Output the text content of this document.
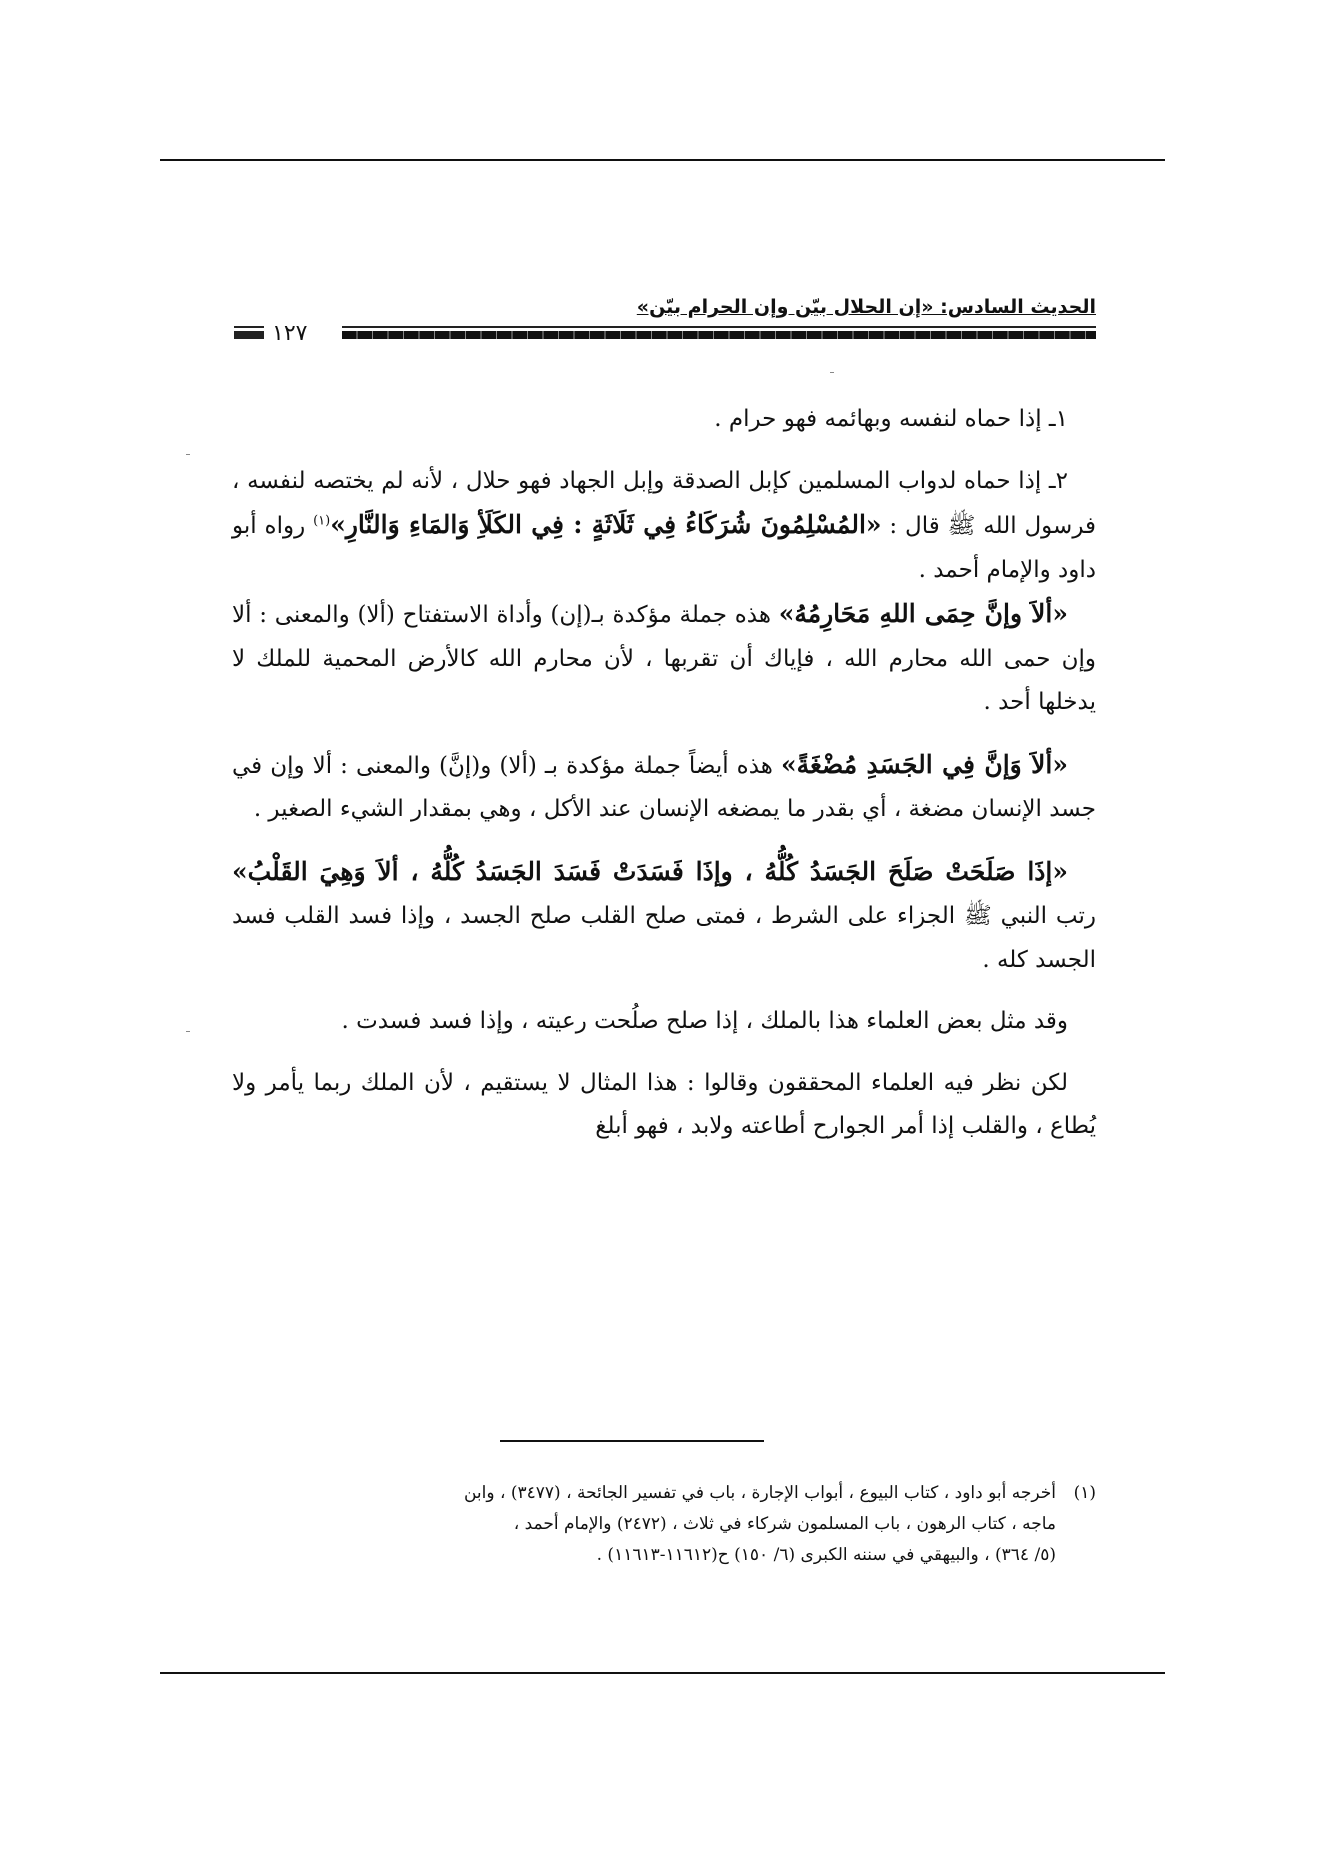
الحديث السادس: «إن الحلال بيّن وإن الحرام بيّن»
١٢٧

١ـ إذا حماه لنفسه وبهائمه فهو حرام .

٢ـ إذا حماه لدواب المسلمين كإبل الصدقة وإبل الجهاد فهو حلال ، لأنه لم يختصه لنفسه ، فرسول الله ﷺ قال : «المُسْلِمُونَ شُرَكَاءُ فِي ثَلَاثَةٍ : فِي الكَلَأِ وَالمَاءِ وَالنَّارِ»$^{(١)}$ رواه أبو داود والإمام أحمد .

«ألاَ وإنَّ حِمَى اللهِ مَحَارِمُهُ» هذه جملة مؤكدة بـ(إن) وأداة الاستفتاح (ألا) والمعنى : ألا وإن حمى الله محارم الله ، فإياك أن تقربها ، لأن محارم الله كالأرض المحمية للملك لا يدخلها أحد .

«ألاَ وَإنَّ فِي الجَسَدِ مُضْغَةً» هذه أيضاً جملة مؤكدة بـ (ألا) و(إنَّ) والمعنى : ألا وإن في جسد الإنسان مضغة ، أي بقدر ما يمضغه الإنسان عند الأكل ، وهي بمقدار الشيء الصغير .

«إذَا صَلَحَتْ صَلَحَ الجَسَدُ كُلُّهُ ، وإذَا فَسَدَتْ فَسَدَ الجَسَدُ كُلُّهُ ، ألاَ وَهِيَ القَلْبُ» رتب النبي ﷺ الجزاء على الشرط ، فمتى صلح القلب صلح الجسد ، وإذا فسد القلب فسد الجسد كله .

وقد مثل بعض العلماء هذا بالملك ، إذا صلح صلُحت رعيته ، وإذا فسد فسدت .

لكن نظر فيه العلماء المحققون وقالوا : هذا المثال لا يستقيم ، لأن الملك ربما يأمر ولا يُطاع ، والقلب إذا أمر الجوارح أطاعته ولابد ، فهو أبلغ

(١)أخرجه أبو داود ، كتاب البيوع ، أبواب الإجارة ، باب في تفسير الجائحة ، (٣٤٧٧) ، وابن

ماجه ، كتاب الرهون ، باب المسلمون شركاء في ثلاث ، (٢٤٧٢) والإمام أحمد ،

(٥/ ٣٦٤) ، والبيهقي في سننه الكبرى (٦/ ١٥٠) ح(١١٦١٢-١١٦١٣) .
